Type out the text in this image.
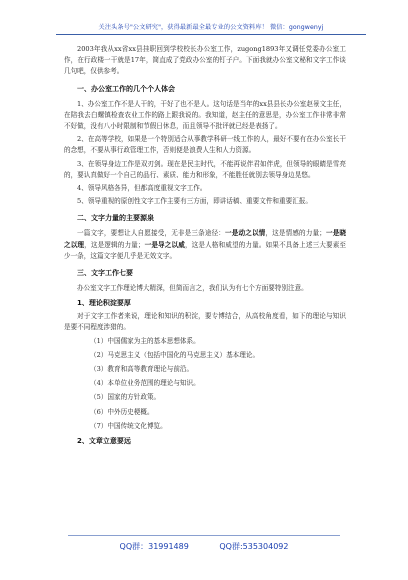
关注头条号"公文研究"，获得最新最全最专业的公文资料库！ 微信：gongwenyj

2003年我从xx省xx县挂职回到学校校长办公室工作，zugong1893年又调任党委办公室工作，在行政楼一干就是17年，简直成了党政办公室的钉子户。下面我就办公室文秘和文字工作谈几句吧，仅供参考。

一、办公室工作的几个个人体会

1、办公室工作不是人干的，干好了也不是人。这句话是当年的xx县县长办公室赵景文主任，在陪我去白螺镇检查农业工作的路上跟我说的。我知道，赵主任的意思是，办公室工作非常非常不好做，没有八小时限制和节假日休息，而且领导不批评就已经是表扬了。

2、在高等学校，如果是一个特别适合从事教学科研一线工作的人，最好不要有在办公室长干的念想，不要从事行政管理工作，否则便是浪费人生和人力资源。

3、在领导身边工作是双刃剑。现在是民主时代，不能再说伴君如伴虎，但领导的眼睛是雪亮的，要认真做好一个自己的品行、素质、能力和形象，不能胜任就别去领导身边晃悠。

4、领导风格各异，但都高度重视文字工作。

5、领导重视的原创性文字工作主要有三方面，即讲话稿、重要文件和重要汇报。

二、文字力量的主要源泉

一篇文字，要想让人自愿接受，无非是三条途径：一是动之以情，这是情感的力量；一是晓之以理，这是逻辑的力量；一是导之以威，这是人格和威望的力量。如果不具备上述三大要素至少一条，这篇文字便几乎是无效文字。

三、文字工作七要

办公室文字工作理论博大精深，但简而言之，我们认为有七个方面要特别注意。

1、理论积淀要厚

对于文字工作者来说，理论和知识的积淀，要专博结合，从高校角度看，如下的理论与知识是要不同程度涉猎的。

（1）中国儒家为主的基本思想体系。
（2）马克思主义（包括中国化的马克思主义）基本理论。
（3）教育和高等教育理论与前沿。
（4）本单位业务范围的理论与知识。
（5）国家的方针政策。
（6）中外历史梗概。
（7）中国传统文化博览。
2、文章立意要远
QQ群：31991489	QQ群:535304092
